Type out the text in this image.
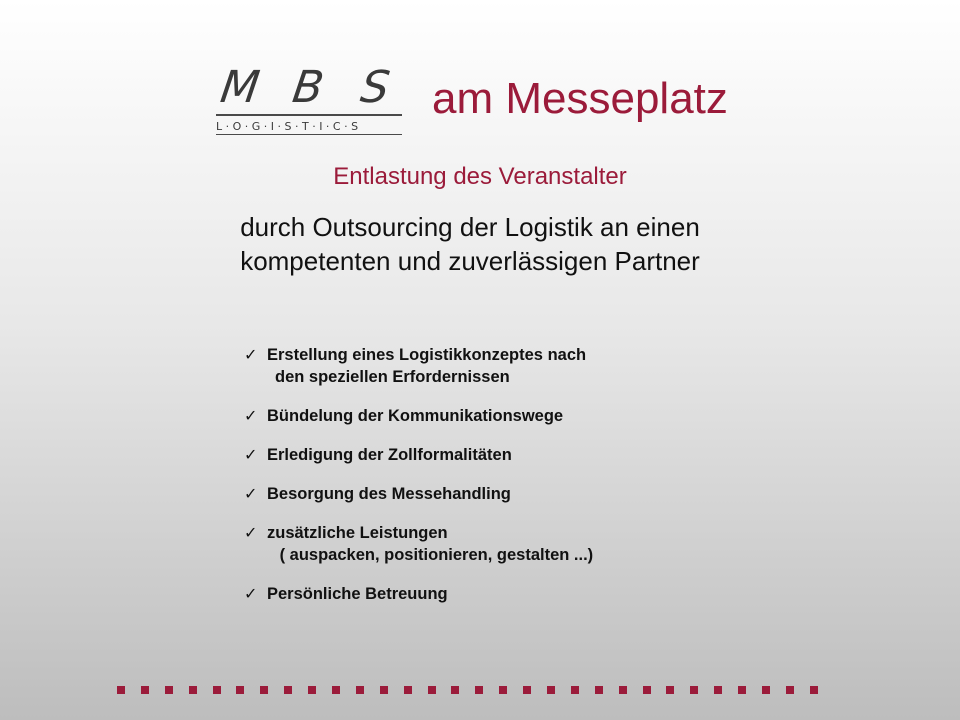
M B S
L · O · G · I · S · T · I · C · S
am Messeplatz
Entlastung des Veranstalter
durch Outsourcing der Logistik an einen
kompetenten und zuverlässigen Partner
✓ Erstellung eines Logistikkonzeptes nach
den speziellen Erfordernissen
✓ Bündelung der Kommunikationswege
✓ Erledigung der Zollformalitäten
✓ Besorgung des Messehandling
✓ zusätzliche Leistungen
( auspacken, positionieren, gestalten ...)
✓ Persönliche Betreuung
